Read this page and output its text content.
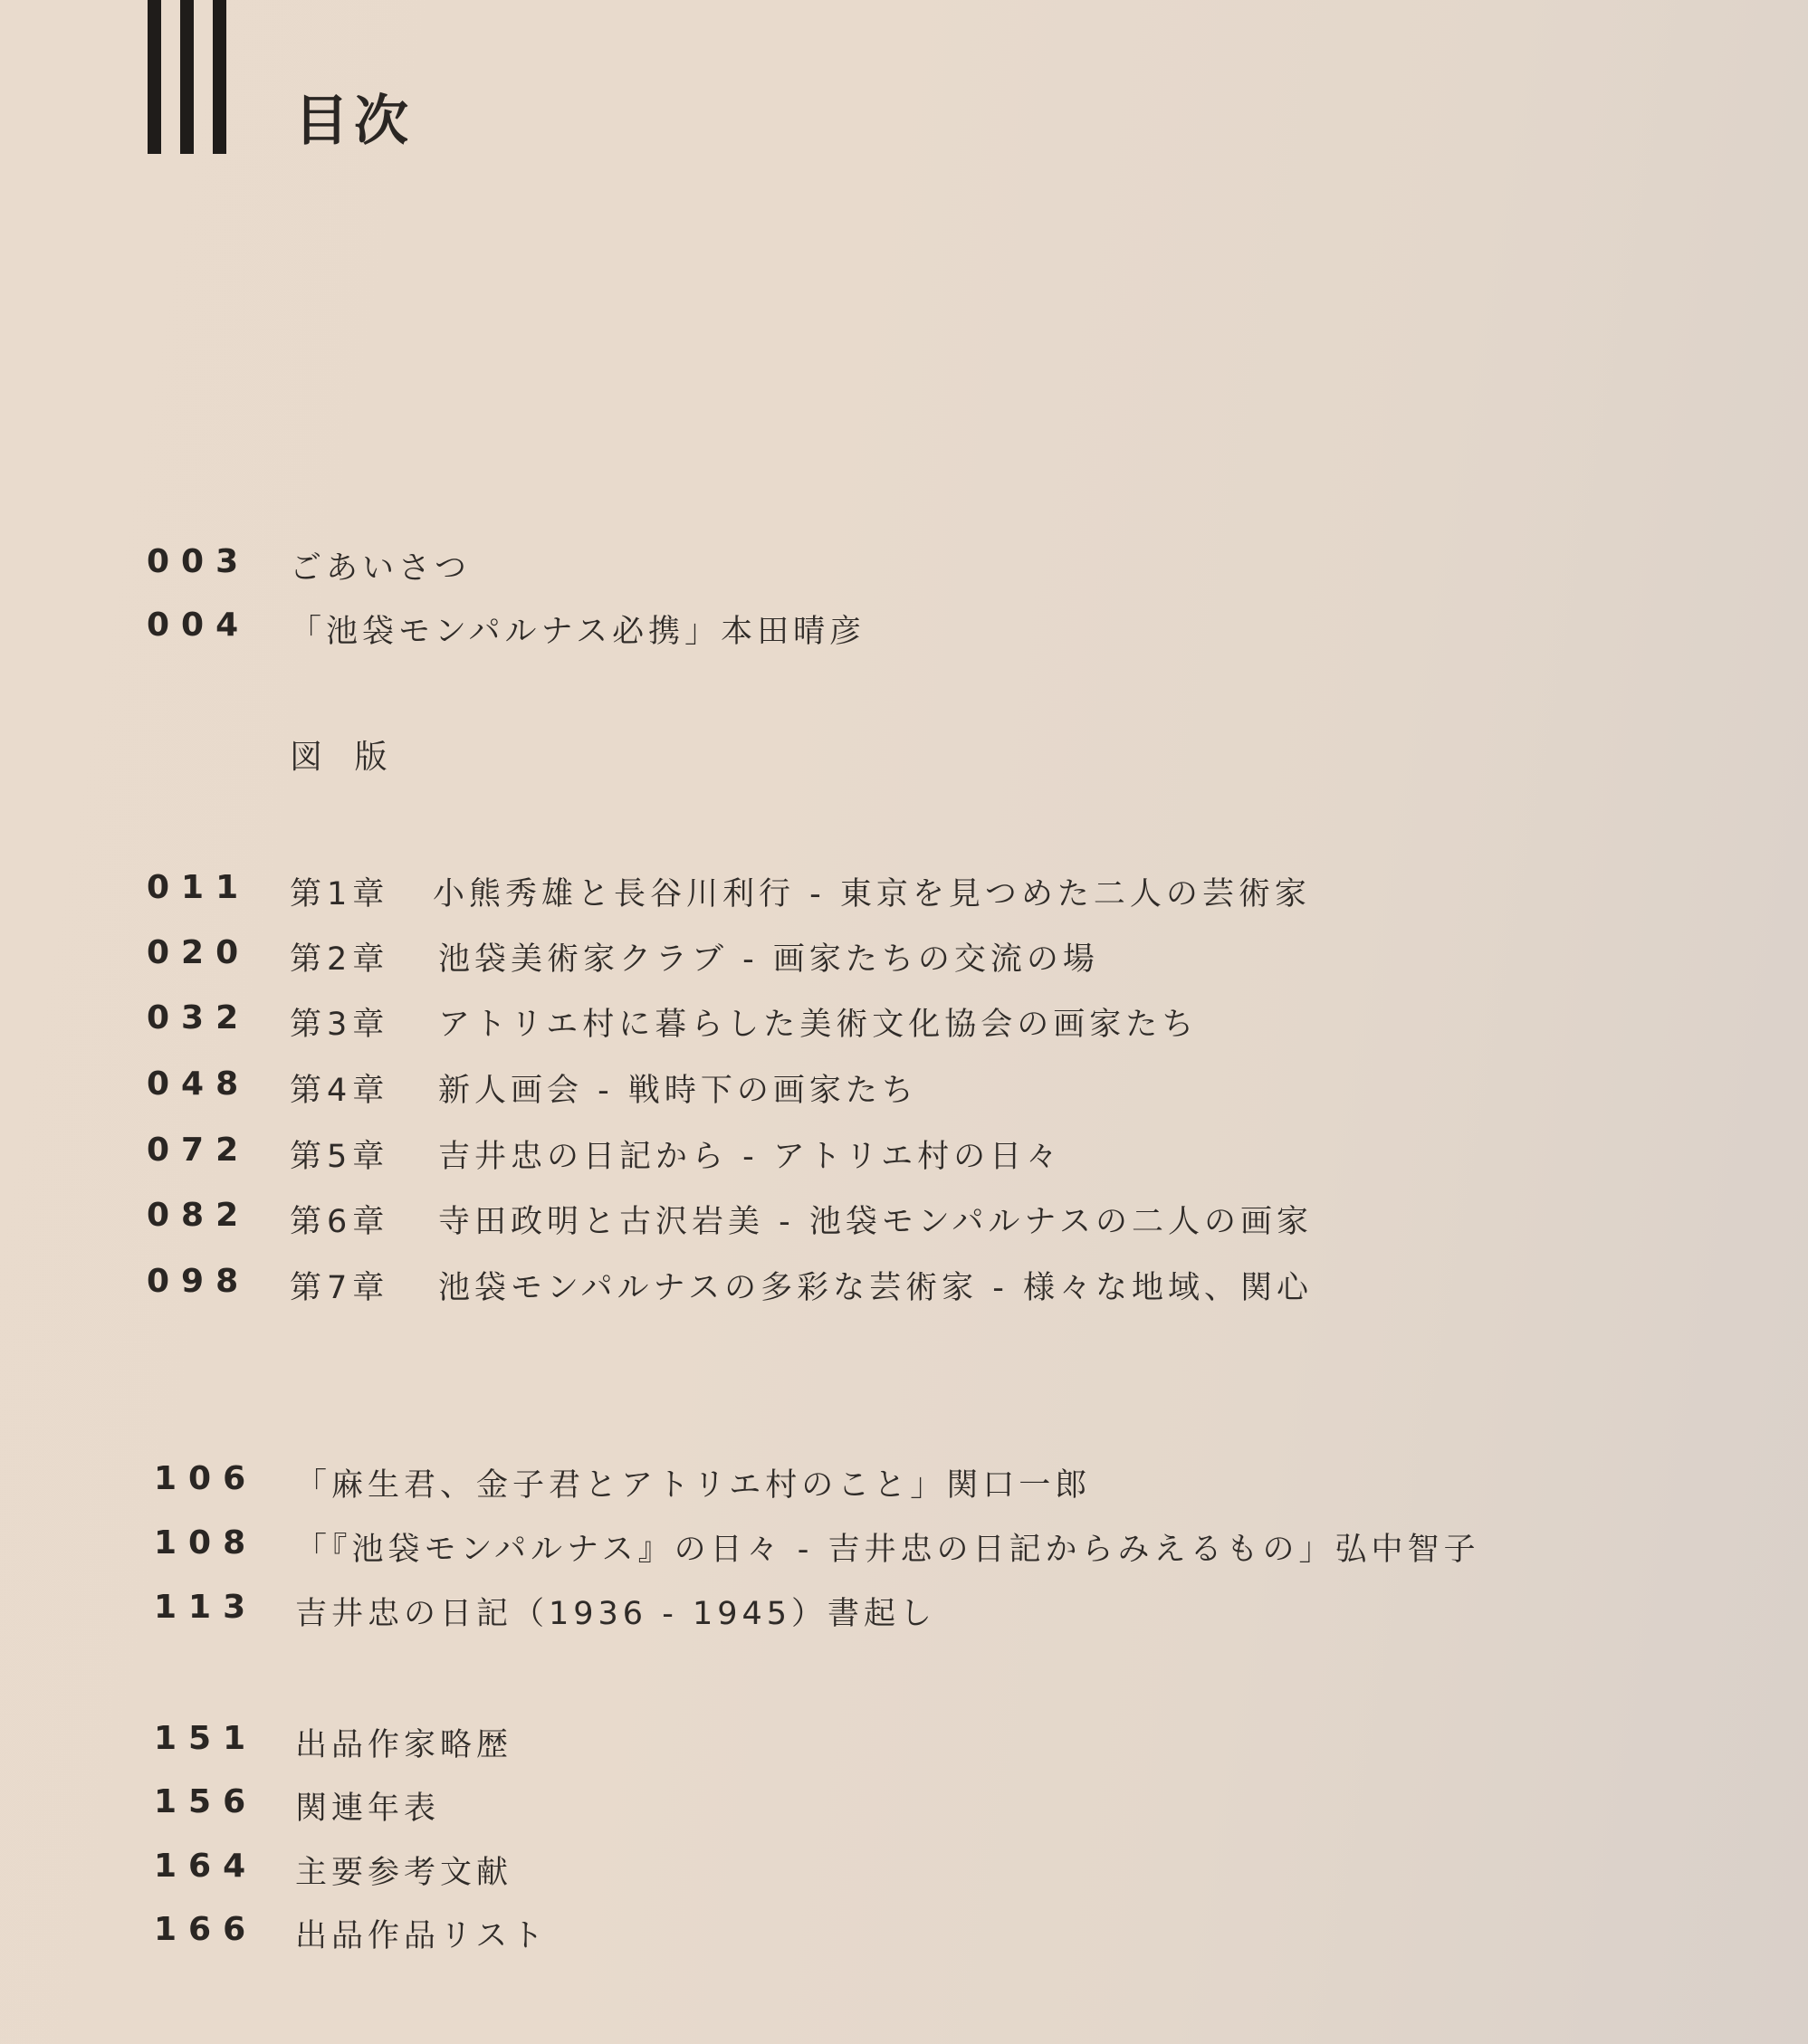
目次
003 ごあいさつ
004 「池袋モンパルナス必携」本田晴彦
図 版
011 第1章 小熊秀雄と長谷川利行 - 東京を見つめた二人の芸術家
020 第2章 池袋美術家クラブ - 画家たちの交流の場
032 第3章 アトリエ村に暮らした美術文化協会の画家たち
048 第4章 新人画会 - 戦時下の画家たち
072 第5章 吉井忠の日記から - アトリエ村の日々
082 第6章 寺田政明と古沢岩美 - 池袋モンパルナスの二人の画家
098 第7章 池袋モンパルナスの多彩な芸術家 - 様々な地域、関心
106 「麻生君、金子君とアトリエ村のこと」関口一郎
108 「『池袋モンパルナス』の日々 - 吉井忠の日記からみえるもの」弘中智子
113 吉井忠の日記（1936 - 1945）書起し
151 出品作家略歴
156 関連年表
164 主要参考文献
166 出品作品リスト
